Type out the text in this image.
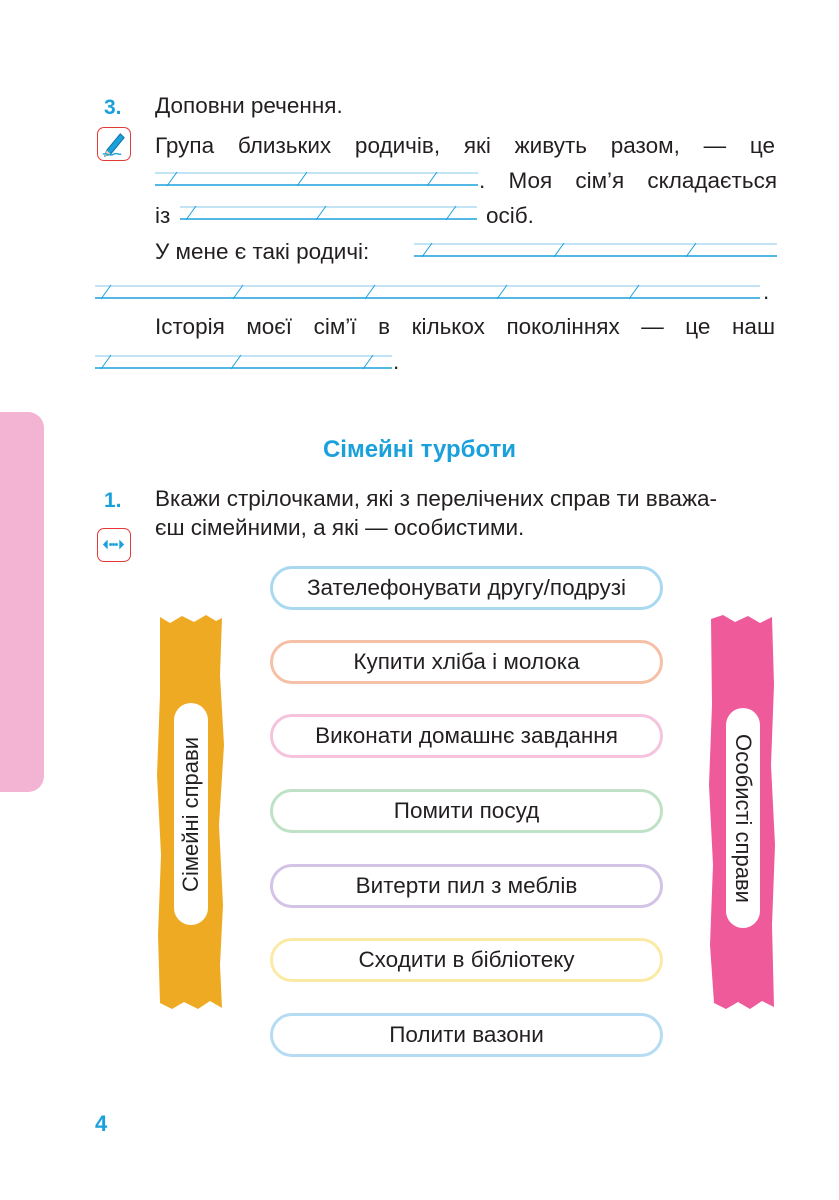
3. Доповни речення.
Група близьких родичів, які живуть разом, — це
. Моя сім’я складається
із	осіб.
У мене є такі родичі:
.
Історія моєї сім’ї в кількох поколіннях — це наш
.
Сімейні турботи
1. Вкажи стрілочками, які з перелічених справ ти вважа-
єш сімейними, а які — особистими.
Сімейні справи	Особисті справи
Зателефонувати другу/подрузі
Купити хліба і молока
Виконати домашнє завдання
Помити посуд
Витерти пил з меблів
Сходити в бібліотеку
Полити вазони
4
